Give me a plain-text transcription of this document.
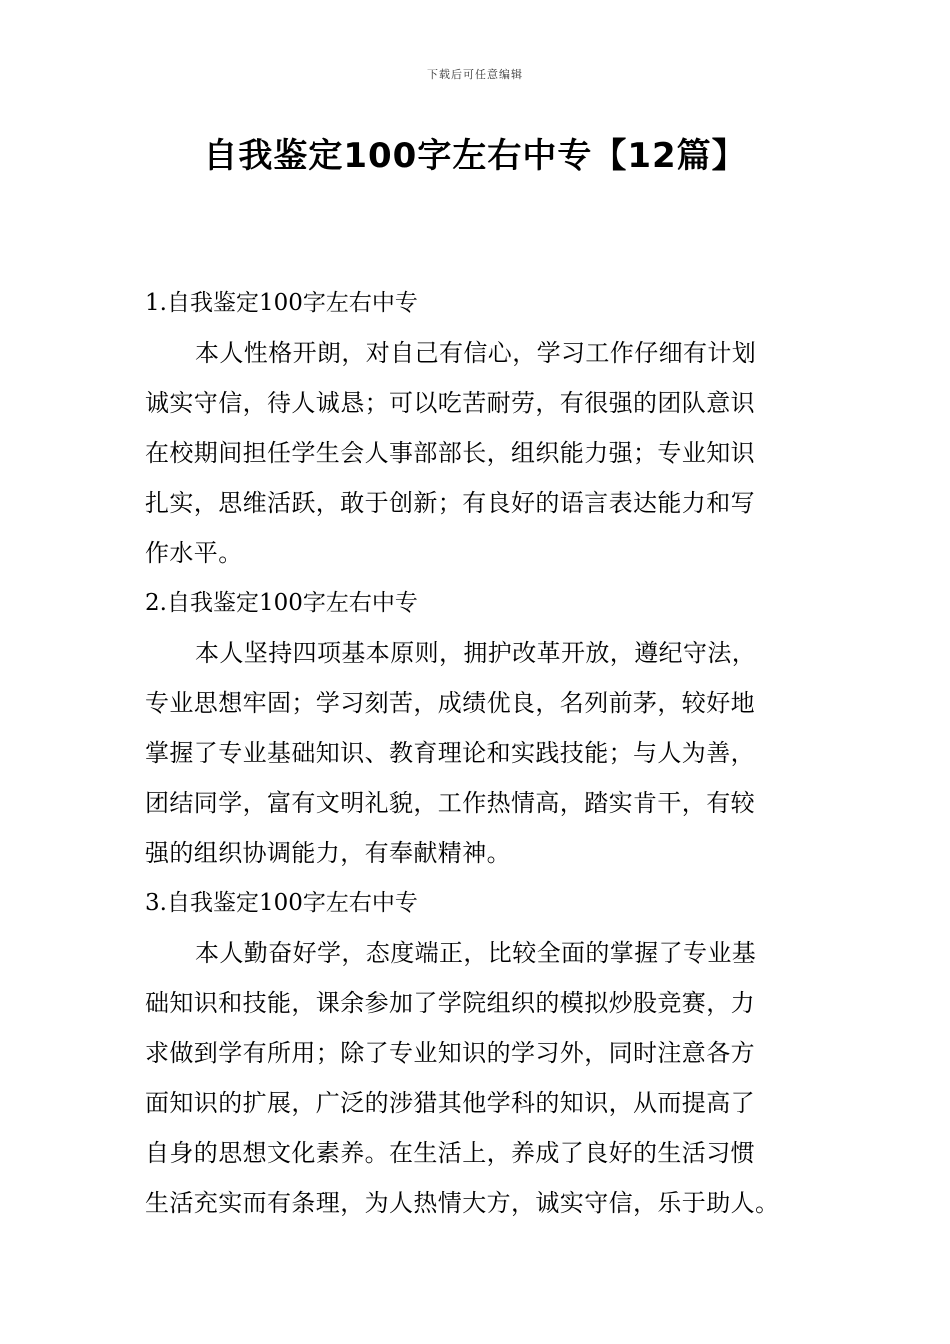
下载后可任意编辑
自我鉴定100字左右中专【12篇】
1.自我鉴定100字左右中专
本人性格开朗，对自己有信心，学习工作仔细有计划
诚实守信，待人诚恳；可以吃苦耐劳，有很强的团队意识
在校期间担任学生会人事部部长，组织能力强；专业知识
扎实，思维活跃，敢于创新；有良好的语言表达能力和写
作水平。
2.自我鉴定100字左右中专
本人坚持四项基本原则，拥护改革开放，遵纪守法，
专业思想牢固；学习刻苦，成绩优良，名列前茅，较好地
掌握了专业基础知识、教育理论和实践技能；与人为善，
团结同学，富有文明礼貌，工作热情高，踏实肯干，有较
强的组织协调能力，有奉献精神。
3.自我鉴定100字左右中专
本人勤奋好学，态度端正，比较全面的掌握了专业基
础知识和技能，课余参加了学院组织的模拟炒股竞赛，力
求做到学有所用；除了专业知识的学习外，同时注意各方
面知识的扩展，广泛的涉猎其他学科的知识，从而提高了
自身的思想文化素养。在生活上，养成了良好的生活习惯
生活充实而有条理，为人热情大方，诚实守信，乐于助人。
